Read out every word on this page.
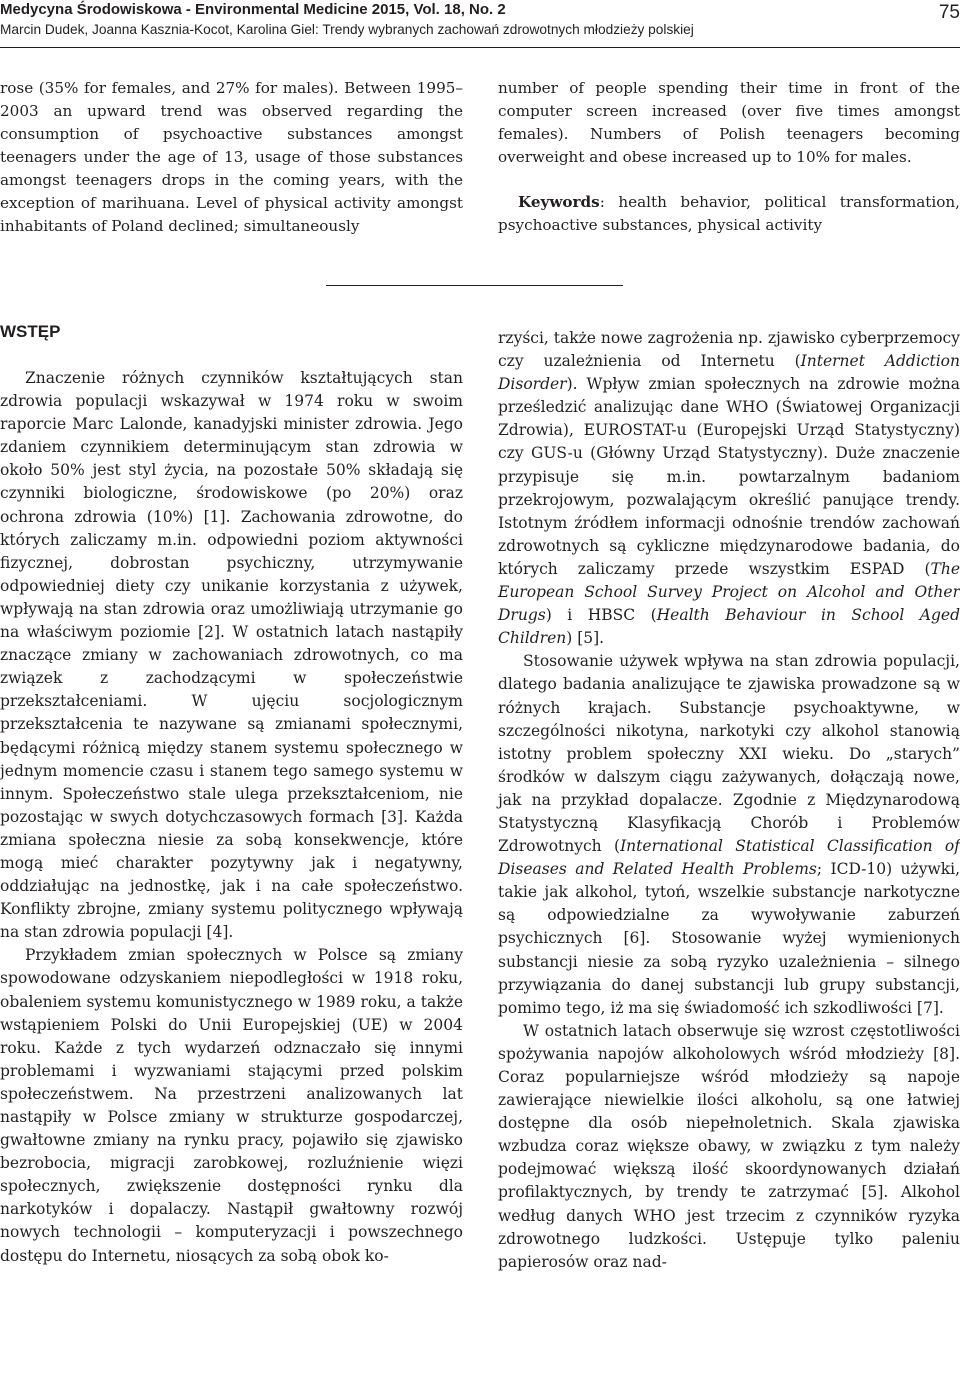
Medycyna Środowiskowa - Environmental Medicine 2015, Vol. 18, No. 2
Marcin Dudek, Joanna Kasznia-Kocot, Karolina Giel: Trendy wybranych zachowań zdrowotnych młodzieży polskiej
75

rose (35% for females, and 27% for males). Between 1995–2003 an upward trend was observed regarding the consumption of psychoactive substances amongst teenagers under the age of 13, usage of those substances amongst teenagers drops in the coming years, with the exception of marihuana. Level of physical activity amongst inhabitants of Poland declined; simultaneously

number of people spending their time in front of the computer screen increased (over five times amongst females). Numbers of Polish teenagers becoming overweight and obese increased up to 10% for males.

Keywords: health behavior, political transformation, psychoactive substances, physical activity

WSTĘP

Znaczenie różnych czynników kształtujących stan zdrowia populacji wskazywał w 1974 roku w swoim raporcie Marc Lalonde, kanadyjski minister zdrowia. Jego zdaniem czynnikiem determinującym stan zdrowia w około 50% jest styl życia, na pozostałe 50% składają się czynniki biologiczne, środowiskowe (po 20%) oraz ochrona zdrowia (10%) [1]. Zachowania zdrowotne, do których zaliczamy m.in. odpowiedni poziom aktywności fizycznej, dobrostan psychiczny, utrzymywanie odpowiedniej diety czy unikanie korzystania z używek, wpływają na stan zdrowia oraz umożliwiają utrzymanie go na właściwym poziomie [2]. W ostatnich latach nastąpiły znaczące zmiany w zachowaniach zdrowotnych, co ma związek z zachodzącymi w społeczeństwie przekształceniami. W ujęciu socjologicznym przekształcenia te nazywane są zmianami społecznymi, będącymi różnicą między stanem systemu społecznego w jednym momencie czasu i stanem tego samego systemu w innym. Społeczeństwo stale ulega przekształceniom, nie pozostając w swych dotychczasowych formach [3]. Każda zmiana społeczna niesie za sobą konsekwencje, które mogą mieć charakter pozytywny jak i negatywny, oddziałując na jednostkę, jak i na całe społeczeństwo. Konflikty zbrojne, zmiany systemu politycznego wpływają na stan zdrowia populacji [4].

Przykładem zmian społecznych w Polsce są zmiany spowodowane odzyskaniem niepodległości w 1918 roku, obaleniem systemu komunistycznego w 1989 roku, a także wstąpieniem Polski do Unii Europejskiej (UE) w 2004 roku. Każde z tych wydarzeń odznaczało się innymi problemami i wyzwaniami stającymi przed polskim społeczeństwem. Na przestrzeni analizowanych lat nastąpiły w Polsce zmiany w strukturze gospodarczej, gwałtowne zmiany na rynku pracy, pojawiło się zjawisko bezrobocia, migracji zarobkowej, rozluźnienie więzi społecznych, zwiększenie dostępności rynku dla narkotyków i dopalaczy. Nastąpił gwałtowny rozwój nowych technologii – komputeryzacji i powszechnego dostępu do Internetu, niosących za sobą obok ko-

rzyści, także nowe zagrożenia np. zjawisko cyberprzemocy czy uzależnienia od Internetu (Internet Addiction Disorder). Wpływ zmian społecznych na zdrowie można prześledzić analizując dane WHO (Światowej Organizacji Zdrowia), EUROSTAT-u (Europejski Urząd Statystyczny) czy GUS-u (Główny Urząd Statystyczny). Duże znaczenie przypisuje się m.in. powtarzalnym badaniom przekrojowym, pozwalającym określić panujące trendy. Istotnym źródłem informacji odnośnie trendów zachowań zdrowotnych są cykliczne międzynarodowe badania, do których zaliczamy przede wszystkim ESPAD (The European School Survey Project on Alcohol and Other Drugs) i HBSC (Health Behaviour in School Aged Children) [5].

Stosowanie używek wpływa na stan zdrowia populacji, dlatego badania analizujące te zjawiska prowadzone są w różnych krajach. Substancje psychoaktywne, w szczególności nikotyna, narkotyki czy alkohol stanowią istotny problem społeczny XXI wieku. Do „starych” środków w dalszym ciągu zażywanych, dołączają nowe, jak na przykład dopalacze. Zgodnie z Międzynarodową Statystyczną Klasyfikacją Chorób i Problemów Zdrowotnych (International Statistical Classification of Diseases and Related Health Problems; ICD-10) używki, takie jak alkohol, tytoń, wszelkie substancje narkotyczne są odpowiedzialne za wywoływanie zaburzeń psychicznych [6]. Stosowanie wyżej wymienionych substancji niesie za sobą ryzyko uzależnienia – silnego przywiązania do danej substancji lub grupy substancji, pomimo tego, iż ma się świadomość ich szkodliwości [7].

W ostatnich latach obserwuje się wzrost częstotliwości spożywania napojów alkoholowych wśród młodzieży [8]. Coraz popularniejsze wśród młodzieży są napoje zawierające niewielkie ilości alkoholu, są one łatwiej dostępne dla osób niepełnoletnich. Skala zjawiska wzbudza coraz większe obawy, w związku z tym należy podejmować większą ilość skoordynowanych działań profilaktycznych, by trendy te zatrzymać [5]. Alkohol według danych WHO jest trzecim z czynników ryzyka zdrowotnego ludzkości. Ustępuje tylko paleniu papierosów oraz nad-
